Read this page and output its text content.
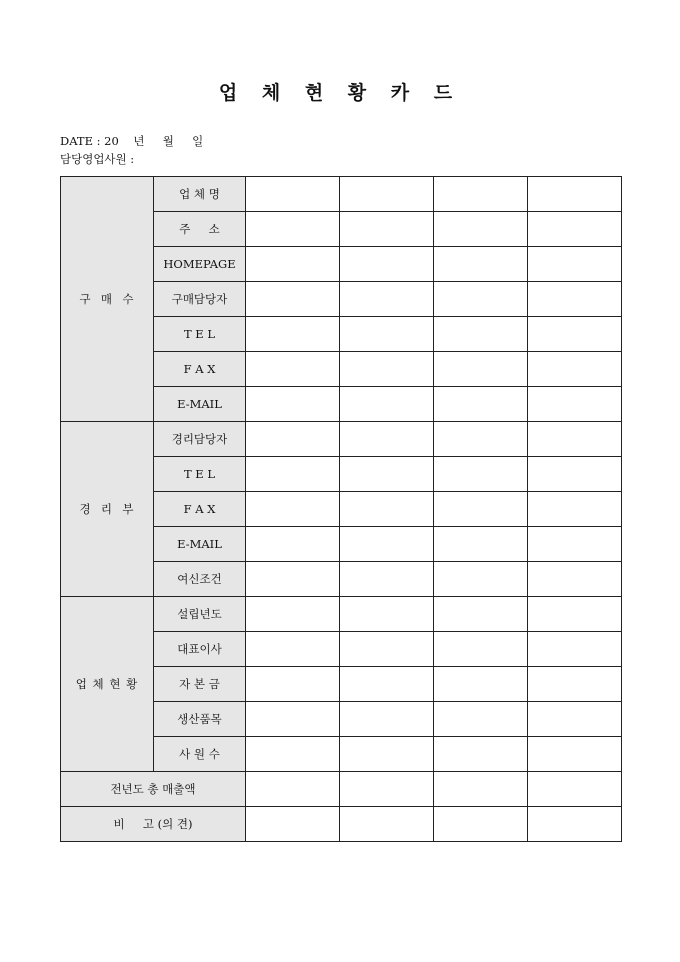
업 체 현 황 카 드
DATE : 20    년     월     일
담당영업사원 :
구  매  수	업 체 명				
	주     소				
	HOMEPAGE				
	구매담당자				
	T E L				
	F A X				
	E-MAIL				
경  리  부	경리담당자				
	T E L				
	F A X				
	E-MAIL				
	여신조건				
업 체 현 황	설립년도				
	대표이사				
	자 본 금				
	생산품목				
	사 원 수				
전년도 총 매출액					
비     고 (의 견)					
